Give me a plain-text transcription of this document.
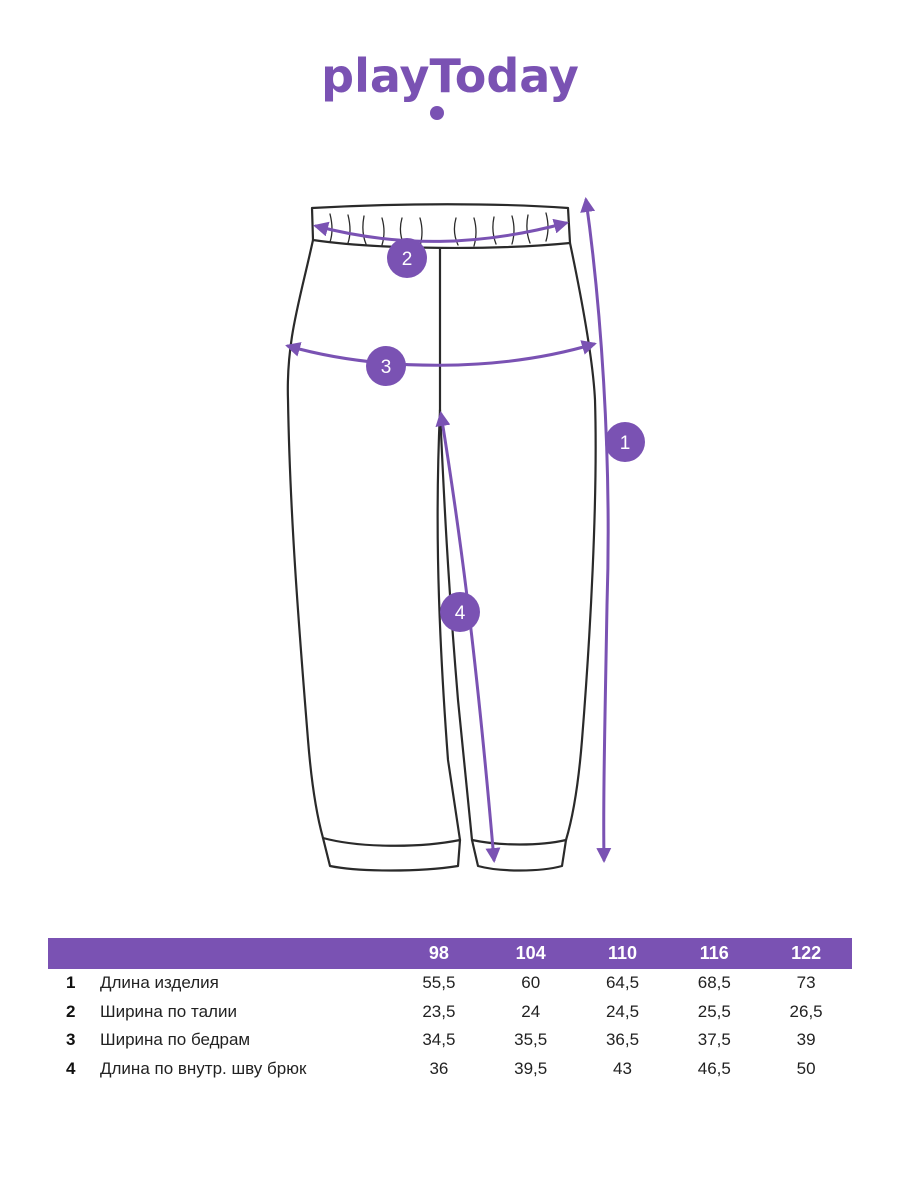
playToday
1
2
3
4
		98	104	110	116	122
1	Длина изделия	55,5	60	64,5	68,5	73
2	Ширина по талии	23,5	24	24,5	25,5	26,5
3	Ширина по бедрам	34,5	35,5	36,5	37,5	39
4	Длина по внутр. шву брюк	36	39,5	43	46,5	50
